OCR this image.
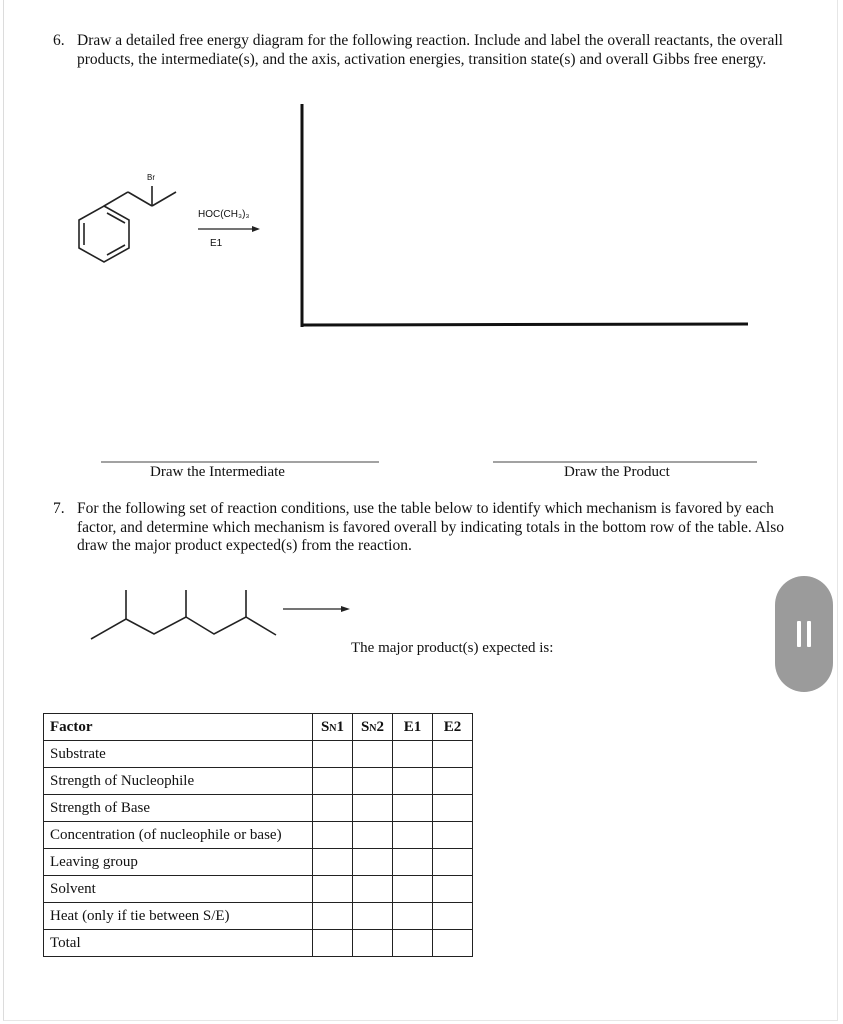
6. Draw a detailed free energy diagram for the following reaction. Include and label the overall reactants, the overall products, the intermediate(s), and the axis, activation energies, transition state(s) and overall Gibbs free energy.
Br
HOC(CH₃)₃
E1
Draw the Intermediate	Draw the Product
7. For the following set of reaction conditions, use the table below to identify which mechanism is favored by each factor, and determine which mechanism is favored overall by indicating totals in the bottom row of the table. Also draw the major product expected(s) from the reaction.
The major product(s) expected is:
Factor	SN1	SN2	E1	E2
Substrate				
Strength of Nucleophile				
Strength of Base				
Concentration (of nucleophile or base)				
Leaving group				
Solvent				
Heat (only if tie between S/E)				
Total				
